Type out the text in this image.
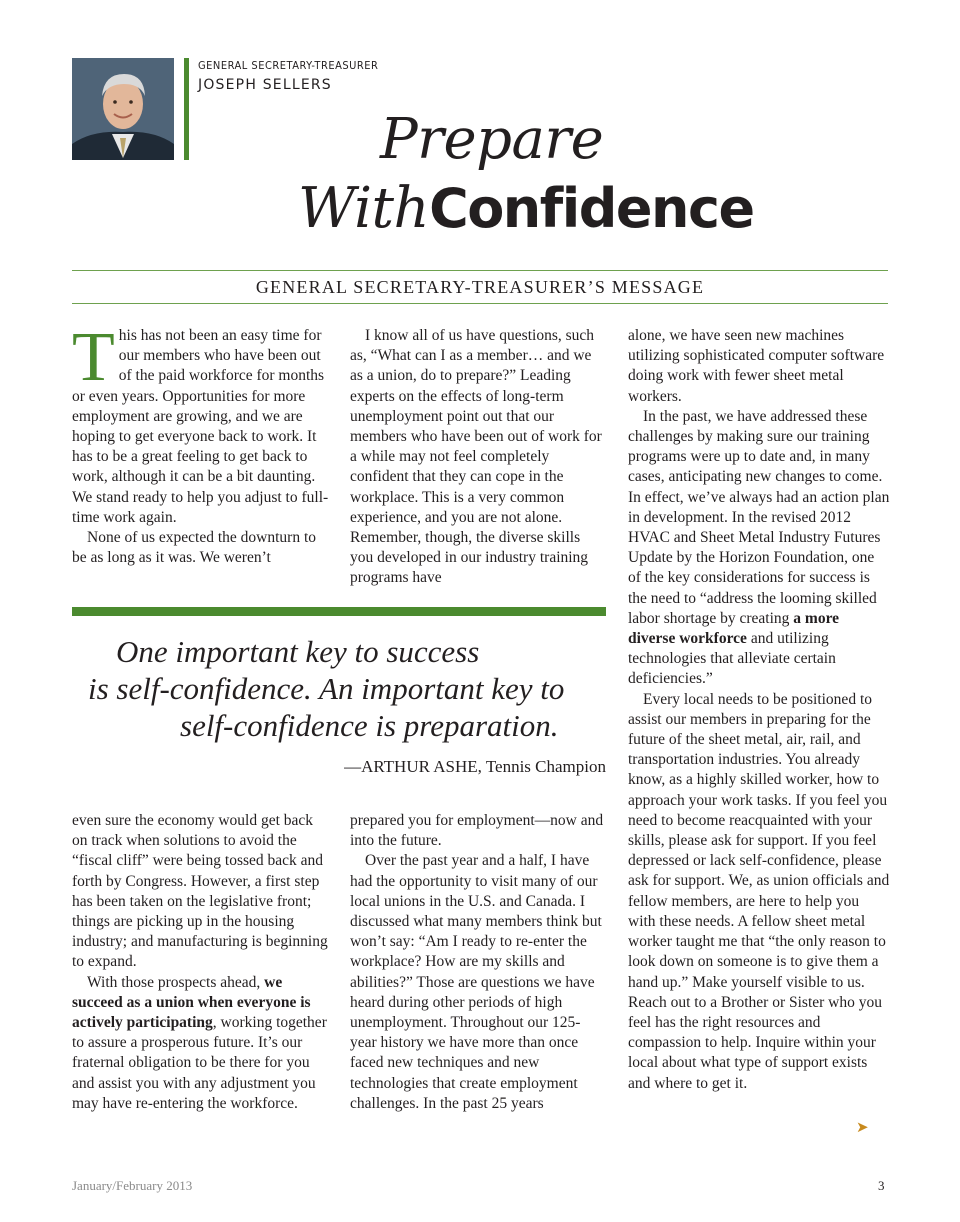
GENERAL SECRETARY-TREASURER
JOSEPH SELLERS
Prepare
WithConfidence
GENERAL SECRETARY-TREASURER’S MESSAGE

This has not been an easy time for our members who have been out of the paid workforce for months or even years. Opportunities for more employment are growing, and we are hoping to get everyone back to work. It has to be a great feeling to get back to work, although it can be a bit daunting. We stand ready to help you adjust to full-time work again.

None of us expected the downturn to be as long as it was. We weren’t

I know all of us have questions, such as, “What can I as a member… and we as a union, do to prepare?” Leading experts on the effects of long-term unemployment point out that our members who have been out of work for a while may not feel completely confident that they can cope in the workplace. This is a very common experience, and you are not alone. Remember, though, the diverse skills you developed in our industry training programs have

alone, we have seen new machines utilizing sophisticated computer software doing work with fewer sheet metal workers.

In the past, we have addressed these challenges by making sure our training programs were up to date and, in many cases, anticipating new changes to come. In effect, we’ve always had an action plan in development. In the revised 2012 HVAC and Sheet Metal Industry Futures Update by the Horizon Foundation, one of the key considerations for success is the need to “address the looming skilled labor shortage by creating a more diverse workforce and utilizing technologies that alleviate certain deficiencies.”

Every local needs to be positioned to assist our members in preparing for the future of the sheet metal, air, rail, and transportation industries. You already know, as a highly skilled worker, how to approach your work tasks. If you feel you need to become reacquainted with your skills, please ask for support. If you feel depressed or lack self-confidence, please ask for support. We, as union officials and fellow members, are here to help you with these needs. A fellow sheet metal worker taught me that “the only reason to look down on someone is to give them a hand up.” Make yourself visible to us. Reach out to a Brother or Sister who you feel has the right resources and compassion to help. Inquire within your local about what type of support exists and where to get it.

One important key to success
is self-confidence. An important key to
self-confidence is preparation.
—ARTHUR ASHE, Tennis Champion

even sure the economy would get back on track when solutions to avoid the “fiscal cliff” were being tossed back and forth by Congress. However, a first step has been taken on the legislative front; things are picking up in the housing industry; and manufacturing is beginning to expand.

With those prospects ahead, we succeed as a union when everyone is actively participating, working together to assure a prosperous future. It’s our fraternal obligation to be there for you and assist you with any adjustment you may have re-entering the workforce.

prepared you for employment—now and into the future.

Over the past year and a half, I have had the opportunity to visit many of our local unions in the U.S. and Canada. I discussed what many members think but won’t say: “Am I ready to re-enter the workplace? How are my skills and abilities?” Those are questions we have heard during other periods of high unemployment. Throughout our 125-year history we have more than once faced new techniques and new technologies that create employment challenges. In the past 25 years

➤
January/February 2013	3
